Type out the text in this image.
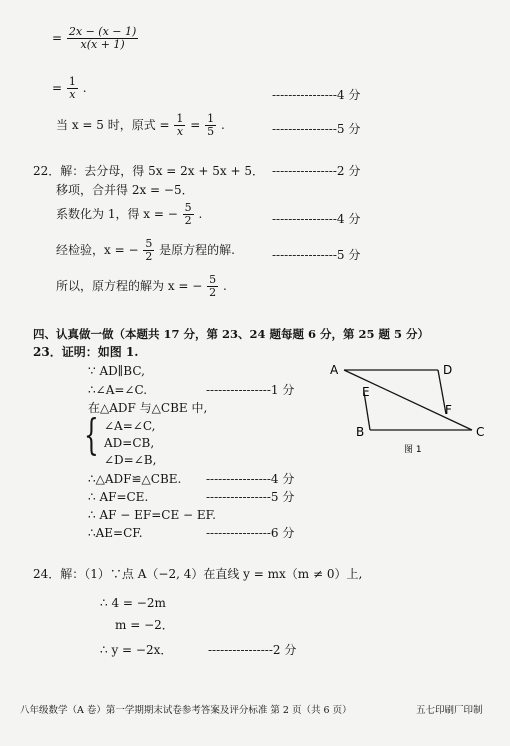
= $\frac{2x - (x - 1)}{x(x + 1)}$
= $\frac{1}{x}$ .	----------------4 分
当 x = 5 时，原式 = $\frac{1}{x} = \frac{1}{5}$ .	----------------5 分
22．解：去分母，得 5x = 2x + 5x + 5． ----------------2 分
移项，合并得 2x = −5．
系数化为 1，得 x = − $\frac{5}{2}$ .	----------------4 分
经检验，x = − $\frac{5}{2}$ 是原方程的解.	----------------5 分
所以，原方程的解为 x = − $\frac{5}{2}$ .
四、认真做一做（本题共 17 分，第 23、24 题每题 6 分，第 25 题 5 分）
23．证明：如图 1.
∵ AD∥BC,
∴∠A=∠C.	----------------1 分
在△ADF 与△CBE 中,
{ ∠A=∠C,
AD=CB,
∠D=∠B,
∴△ADF≌△CBE. ----------------4 分
∴ AF=CE.	----------------5 分
∴ AF − EF=CE − EF.
∴AE=CF.	----------------6 分
A	D
E
F
B	C
图 1
24．解：（1）∵点 A（−2, 4）在直线 y = mx（m ≠ 0）上,
∴ 4 = −2m
m = −2．
∴ y = −2x．	----------------2 分
八年级数学（A 卷）第一学期期末试卷参考答案及评分标准 第 2 页（共 6 页）	五七印刷厂印制
